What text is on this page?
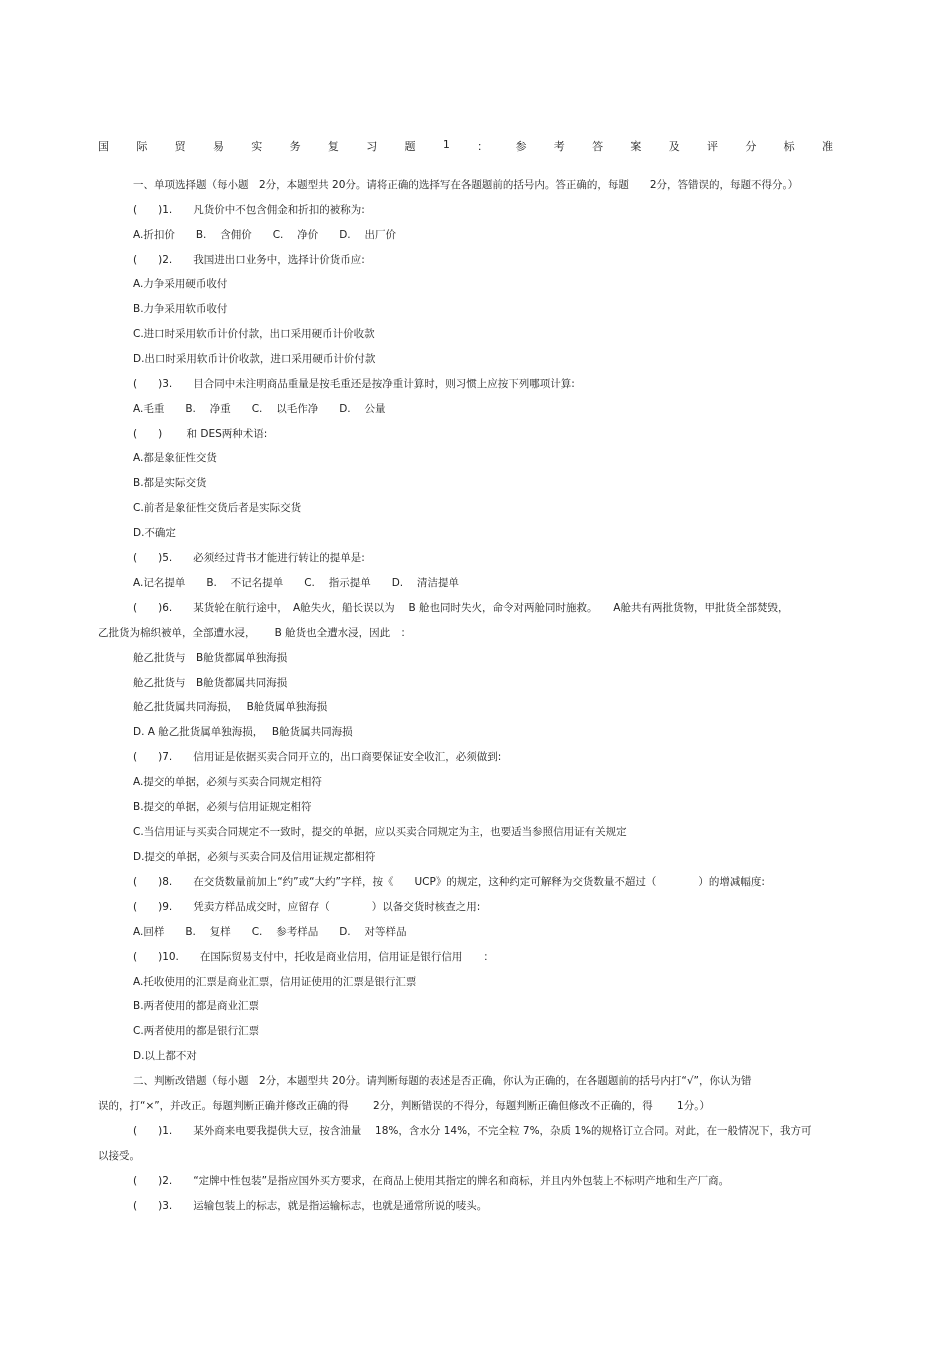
国 际 贸 易 实 务 复 习 题 1 ： 参 考 答 案 及 评 分 标 准
一、单项选择题（每小题　2分，本题型共 20分。请将正确的选择写在各题题前的括号内。答正确的，每题　　2分，答错误的，每题不得分。）
(　　)1.　　凡货价中不包含佣金和折扣的被称为:
A.折扣价　　B.　 含佣价　　C.　 净价　　D.　 出厂价
(　　)2.　　我国进出口业务中，选择计价货币应:
A.力争采用硬币收付
B.力争采用软币收付
C.进口时采用软币计价付款，出口采用硬币计价收款
D.出口时采用软币计价收款，进口采用硬币计价付款
(　　)3.　　目合同中未注明商品重量是按毛重还是按净重计算时，则习惯上应按下列哪项计算:
A.毛重　　B.　 净重　　C.　 以毛作净　　D.　 公量
(　　)　　 和 DES两种术语:
A.都是象征性交货
B.都是实际交货
C.前者是象征性交货后者是实际交货
D.不确定
(　　)5.　　必须经过背书才能进行转让的提单是:
A.记名提单　　B.　 不记名提单　　C.　 指示提单　　D.　 清洁提单
(　　)6.　　某货轮在航行途中，　A舱失火，船长误以为　 B 舱也同时失火，命令对两舱同时施救。　　A舱共有两批货物，甲批货全部焚毁，
乙批货为棉织被单，全部遭水浸，　　 B 舱货也全遭水浸，因此　：
舱乙批货与　B舱货都属单独海损
舱乙批货与　B舱货都属共同海损
舱乙批货属共同海损，　 B舱货属单独海损
D. A 舱乙批货属单独海损，　 B舱货属共同海损
(　　)7.　　信用证是依据买卖合同开立的，出口商要保证安全收汇，必须做到:
A.提交的单据，必须与买卖合同规定相符
B.提交的单据，必须与信用证规定相符
C.当信用证与买卖合同规定不一致时，提交的单据，应以买卖合同规定为主，也要适当参照信用证有关规定
D.提交的单据，必须与买卖合同及信用证规定都相符
(　　)8.　　在交货数量前加上“约”或“大约”字样，按《　　UCP》的规定，这种约定可解释为交货数量不超过（　　　　）的增减幅度:
(　　)9.　　凭卖方样品成交时，应留存（　　　　）以备交货时核查之用:
A.回样　　B.　 复样　　C.　 参考样品　　D.　 对等样品
(　　)10.　　在国际贸易支付中，托收是商业信用，信用证是银行信用　　：
A.托收使用的汇票是商业汇票，信用证使用的汇票是银行汇票
B.两者使用的都是商业汇票
C.两者使用的都是银行汇票
D.以上都不对
二、判断改错题（每小题　2分，本题型共 20分。请判断每题的表述是否正确，你认为正确的，在各题题前的括号内打“√”，你认为错
误的，打“×”，并改正。每题判断正确并修改正确的得　　 2分，判断错误的不得分，每题判断正确但修改不正确的，得　　 1分。）
(　　)1.　　某外商来电要我提供大豆，按含油量　 18%，含水分 14%，不完全粒 7%，杂质 1%的规格订立合同。对此，在一般情况下，我方可
以接受。
(　　)2.　　“定牌中性包装”是指应国外买方要求，在商品上使用其指定的牌名和商标，并且内外包装上不标明产地和生产厂商。
(　　)3.　　运输包装上的标志，就是指运输标志，也就是通常所说的唛头。
